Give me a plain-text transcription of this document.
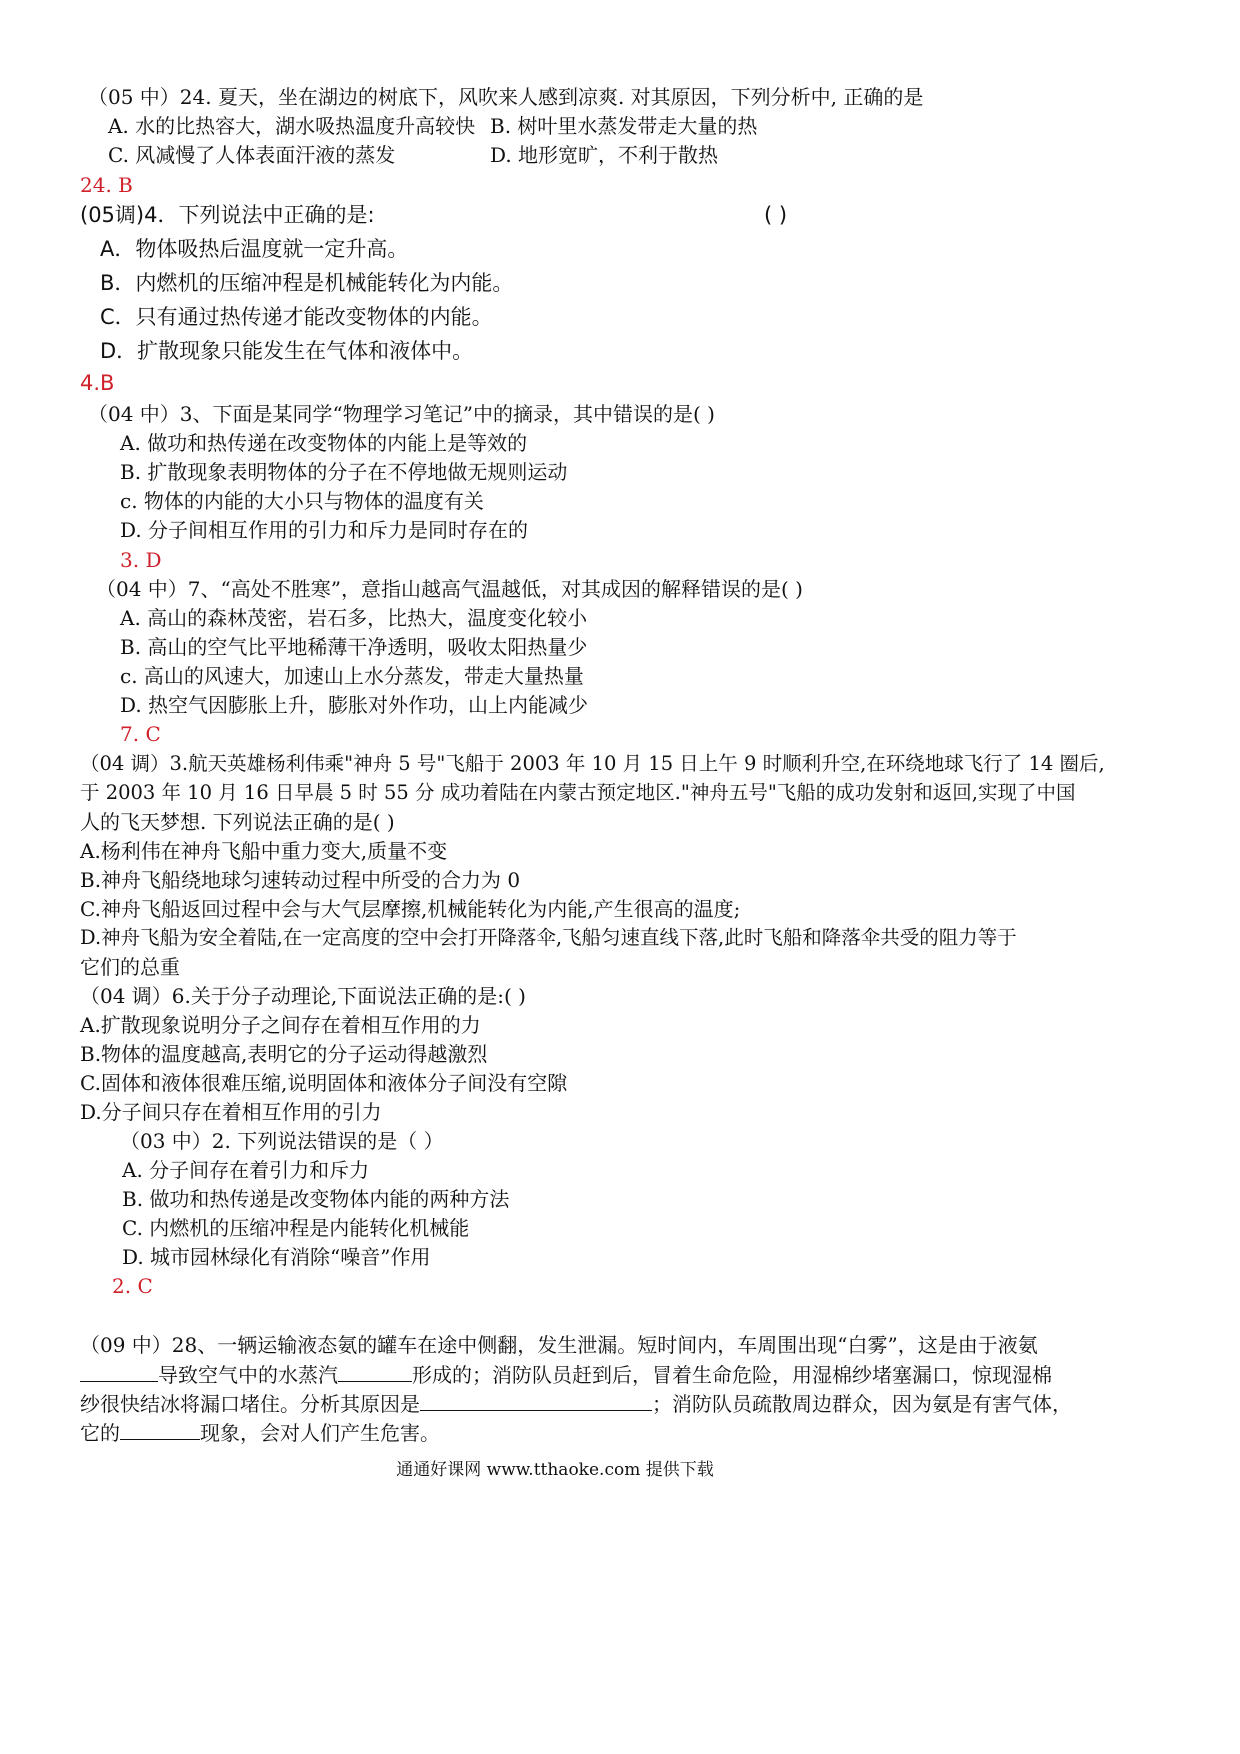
（05 中）24. 夏天，坐在湖边的树底下，风吹来人感到凉爽. 对其原因，下列分析中, 正确的是
A. 水的比热容大，湖水吸热温度升高较快 B. 树叶里水蒸发带走大量的热
C. 风减慢了人体表面汗液的蒸发	D. 地形宽旷，不利于散热
24. B
(05调)4．下列说法中正确的是:	( )
A．物体吸热后温度就一定升高。
B．内燃机的压缩冲程是机械能转化为内能。
C．只有通过热传递才能改变物体的内能。
D．扩散现象只能发生在气体和液体中。
4.B
（04 中）3、下面是某同学“物理学习笔记”中的摘录，其中错误的是( )
A. 做功和热传递在改变物体的内能上是等效的
B. 扩散现象表明物体的分子在不停地做无规则运动
c. 物体的内能的大小只与物体的温度有关
D. 分子间相互作用的引力和斥力是同时存在的
3. D
（04 中）7、“高处不胜寒”，意指山越高气温越低，对其成因的解释错误的是( )
A. 高山的森林茂密，岩石多，比热大，温度变化较小
B. 高山的空气比平地稀薄干净透明，吸收太阳热量少
c. 高山的风速大，加速山上水分蒸发，带走大量热量
D. 热空气因膨胀上升，膨胀对外作功，山上内能减少
7. C
（04 调）3.航天英雄杨利伟乘"神舟 5 号"飞船于 2003 年 10 月 15 日上午 9 时顺利升空,在环绕地球飞行了 14 圈后,
于 2003 年 10 月 16 日早晨 5 时 55 分 成功着陆在内蒙古预定地区."神舟五号"飞船的成功发射和返回,实现了中国
人的飞天梦想. 下列说法正确的是( )
A.杨利伟在神舟飞船中重力变大,质量不变
B.神舟飞船绕地球匀速转动过程中所受的合力为 0
C.神舟飞船返回过程中会与大气层摩擦,机械能转化为内能,产生很高的温度;
D.神舟飞船为安全着陆,在一定高度的空中会打开降落伞,飞船匀速直线下落,此时飞船和降落伞共受的阻力等于
它们的总重
（04 调）6.关于分子动理论,下面说法正确的是:( )
A.扩散现象说明分子之间存在着相互作用的力
B.物体的温度越高,表明它的分子运动得越激烈
C.固体和液体很难压缩,说明固体和液体分子间没有空隙
D.分子间只存在着相互作用的引力
（03 中）2. 下列说法错误的是（ ）
A. 分子间存在着引力和斥力
B. 做功和热传递是改变物体内能的两种方法
C. 内燃机的压缩冲程是内能转化机械能
D. 城市园林绿化有消除“噪音”作用
2. C
（09 中）28、一辆运输液态氨的罐车在途中侧翻，发生泄漏。短时间内，车周围出现“白雾”，这是由于液氨
导致空气中的水蒸汽	形成的；消防队员赶到后，冒着生命危险，用湿棉纱堵塞漏口，惊现湿棉
纱很快结冰将漏口堵住。分析其原因是	；消防队员疏散周边群众，因为氨是有害气体，
它的	现象，会对人们产生危害。
通通好课网 www.tthaoke.com 提供下载
